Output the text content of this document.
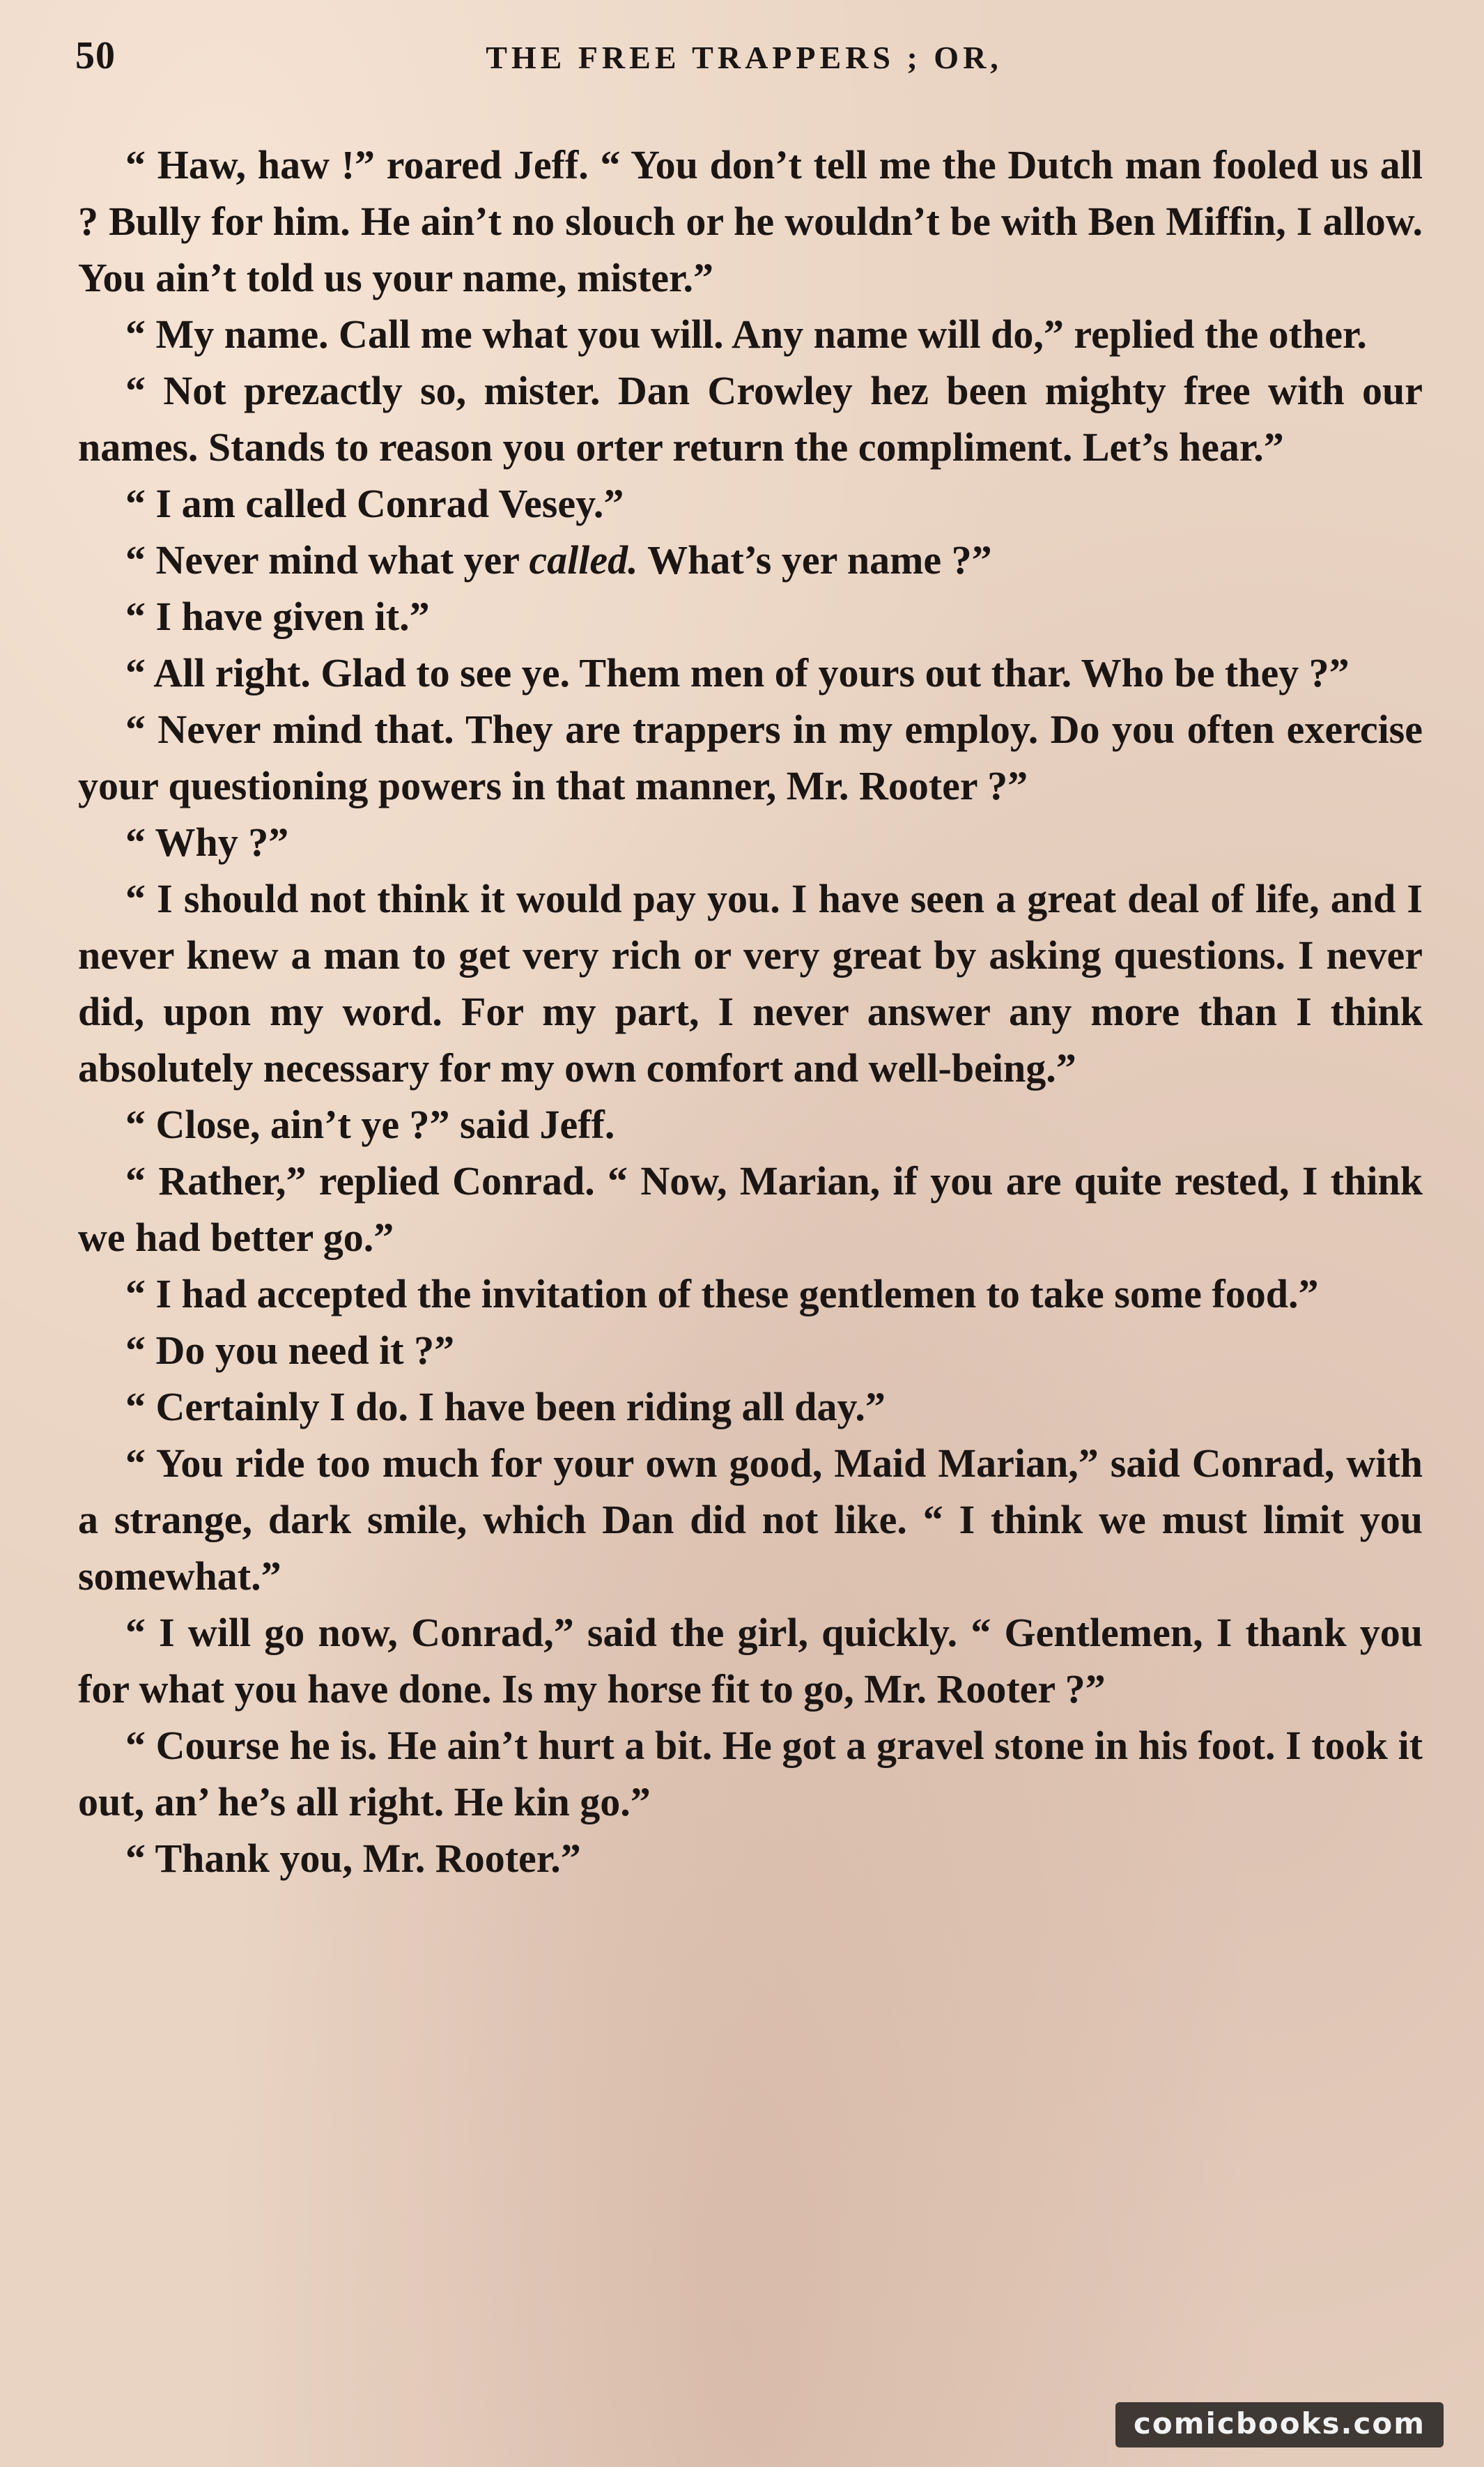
50	THE FREE TRAPPERS ; OR,

“ Haw, haw !” roared Jeff. “ You don’t tell me the Dutch man fooled us all ? Bully for him. He ain’t no slouch or he wouldn’t be with Ben Miffin, I allow. You ain’t told us your name, mister.”

“ My name. Call me what you will. Any name will do,” replied the other.

“ Not prezactly so, mister. Dan Crowley hez been mighty free with our names. Stands to reason you orter return the compliment. Let’s hear.”

“ I am called Conrad Vesey.”

“ Never mind what yer called. What’s yer name ?”

“ I have given it.”

“ All right. Glad to see ye. Them men of yours out thar. Who be they ?”

“ Never mind that. They are trappers in my employ. Do you often exercise your questioning powers in that manner, Mr. Rooter ?”

“ Why ?”

“ I should not think it would pay you. I have seen a great deal of life, and I never knew a man to get very rich or very great by asking questions. I never did, upon my word. For my part, I never answer any more than I think absolutely necessary for my own comfort and well-being.”

“ Close, ain’t ye ?” said Jeff.

“ Rather,” replied Conrad. “ Now, Marian, if you are quite rested, I think we had better go.”

“ I had accepted the invitation of these gentlemen to take some food.”

“ Do you need it ?”

“ Certainly I do. I have been riding all day.”

“ You ride too much for your own good, Maid Marian,” said Conrad, with a strange, dark smile, which Dan did not like. “ I think we must limit you somewhat.”

“ I will go now, Conrad,” said the girl, quickly. “ Gentlemen, I thank you for what you have done. Is my horse fit to go, Mr. Rooter ?”

“ Course he is. He ain’t hurt a bit. He got a gravel stone in his foot. I took it out, an’ he’s all right. He kin go.”

“ Thank you, Mr. Rooter.”

comicbooks.com
